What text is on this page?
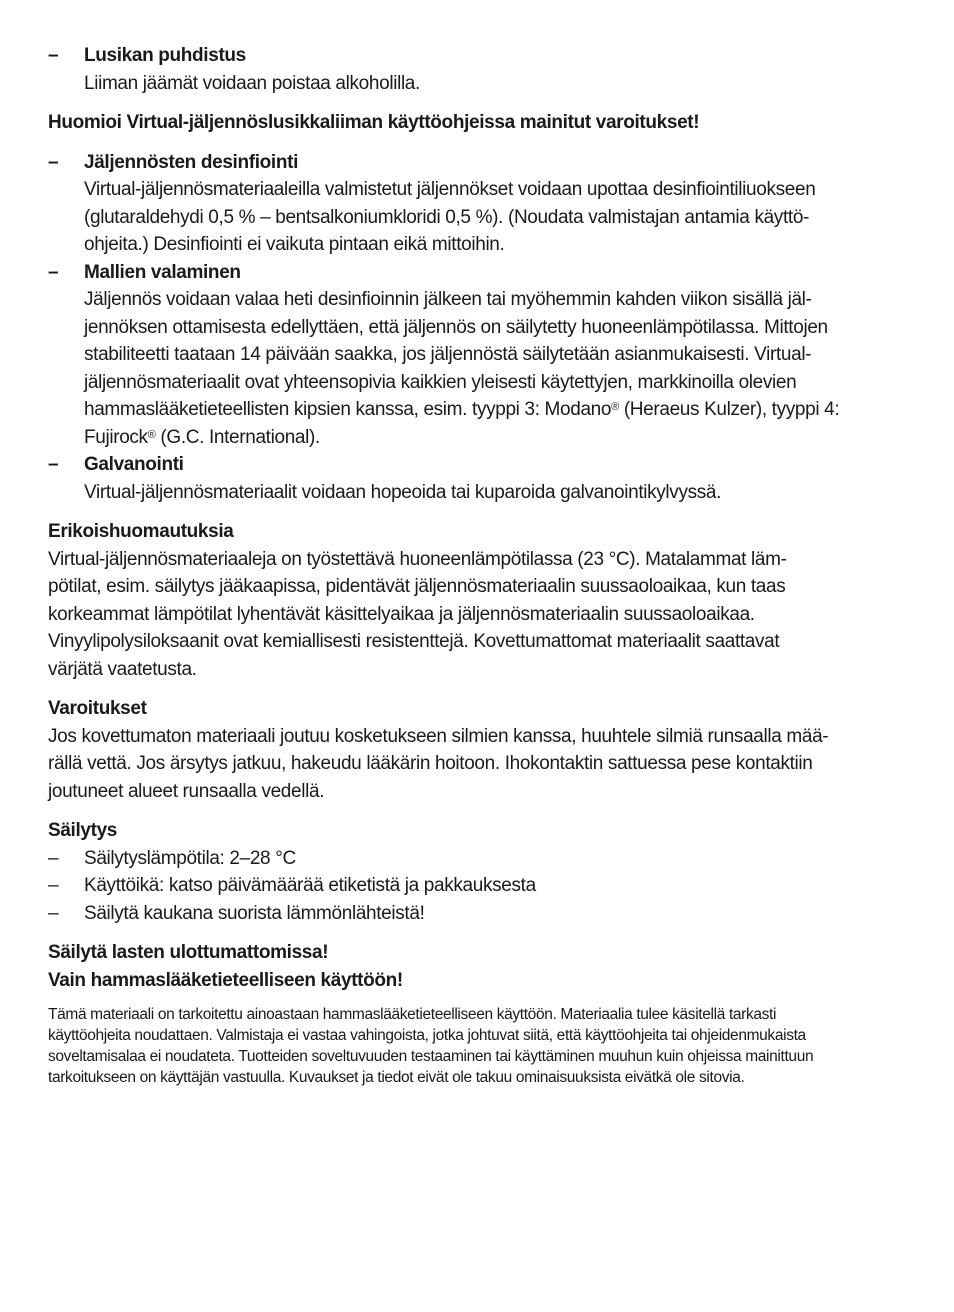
–	Lusikan puhdistus
Liiman jäämät voidaan poistaa alkoholilla.
Huomioi Virtual-jäljennöslusikkaliiman käyttöohjeissa mainitut varoitukset!
–	Jäljennösten desinfiointi
Virtual-jäljennösmateriaaleilla valmistetut jäljennökset voidaan upottaa desinfiointiliuokseen
(glutaraldehydi 0,5 % – bentsalkoniumkloridi 0,5 %). (Noudata valmistajan antamia käyttö-
ohjeita.) Desinfiointi ei vaikuta pintaan eikä mittoihin.
–	Mallien valaminen
Jäljennös voidaan valaa heti desinfioinnin jälkeen tai myöhemmin kahden viikon sisällä jäl-
jennöksen ottamisesta edellyttäen, että jäljennös on säilytetty huoneenlämpötilassa. Mittojen
stabiliteetti taataan 14 päivään saakka, jos jäljennöstä säilytetään asianmukaisesti. Virtual-
jäljennösmateriaalit ovat yhteensopivia kaikkien yleisesti käytettyjen, markkinoilla olevien
hammaslääketieteellisten kipsien kanssa, esim. tyyppi 3: Modano® (Heraeus Kulzer), tyyppi 4:
Fujirock® (G.C. International).
–	Galvanointi
Virtual-jäljennösmateriaalit voidaan hopeoida tai kuparoida galvanointikylvyssä.
Erikoishuomautuksia
Virtual-jäljennösmateriaaleja on työstettävä huoneenlämpötilassa (23 °C). Matalammat läm-
pötilat, esim. säilytys jääkaapissa, pidentävät jäljennösmateriaalin suussaoloaikaa, kun taas
korkeammat lämpötilat lyhentävät käsittelyaikaa ja jäljennösmateriaalin suussaoloaikaa.
Vinyylipolysiloksaanit ovat kemiallisesti resistenttejä. Kovettumattomat materiaalit saattavat
värjätä vaatetusta.
Varoitukset
Jos kovettumaton materiaali joutuu kosketukseen silmien kanssa, huuhtele silmiä runsaalla mää-
rällä vettä. Jos ärsytys jatkuu, hakeudu lääkärin hoitoon. Ihokontaktin sattuessa pese kontaktiin
joutuneet alueet runsaalla vedellä.
Säilytys
– Säilytyslämpötila: 2–28 °C
– Käyttöikä: katso päivämäärää etiketistä ja pakkauksesta
– Säilytä kaukana suorista lämmönlähteistä!
Säilytä lasten ulottumattomissa!
Vain hammaslääketieteelliseen käyttöön!
Tämä materiaali on tarkoitettu ainoastaan hammaslääketieteelliseen käyttöön. Materiaalia tulee käsitellä tarkasti
käyttöohjeita noudattaen. Valmistaja ei vastaa vahingoista, jotka johtuvat siitä, että käyttöohjeita tai ohjeidenmukaista
soveltamisalaa ei noudateta. Tuotteiden soveltuvuuden testaaminen tai käyttäminen muuhun kuin ohjeissa mainittuun
tarkoitukseen on käyttäjän vastuulla. Kuvaukset ja tiedot eivät ole takuu ominaisuuksista eivätkä ole sitovia.
